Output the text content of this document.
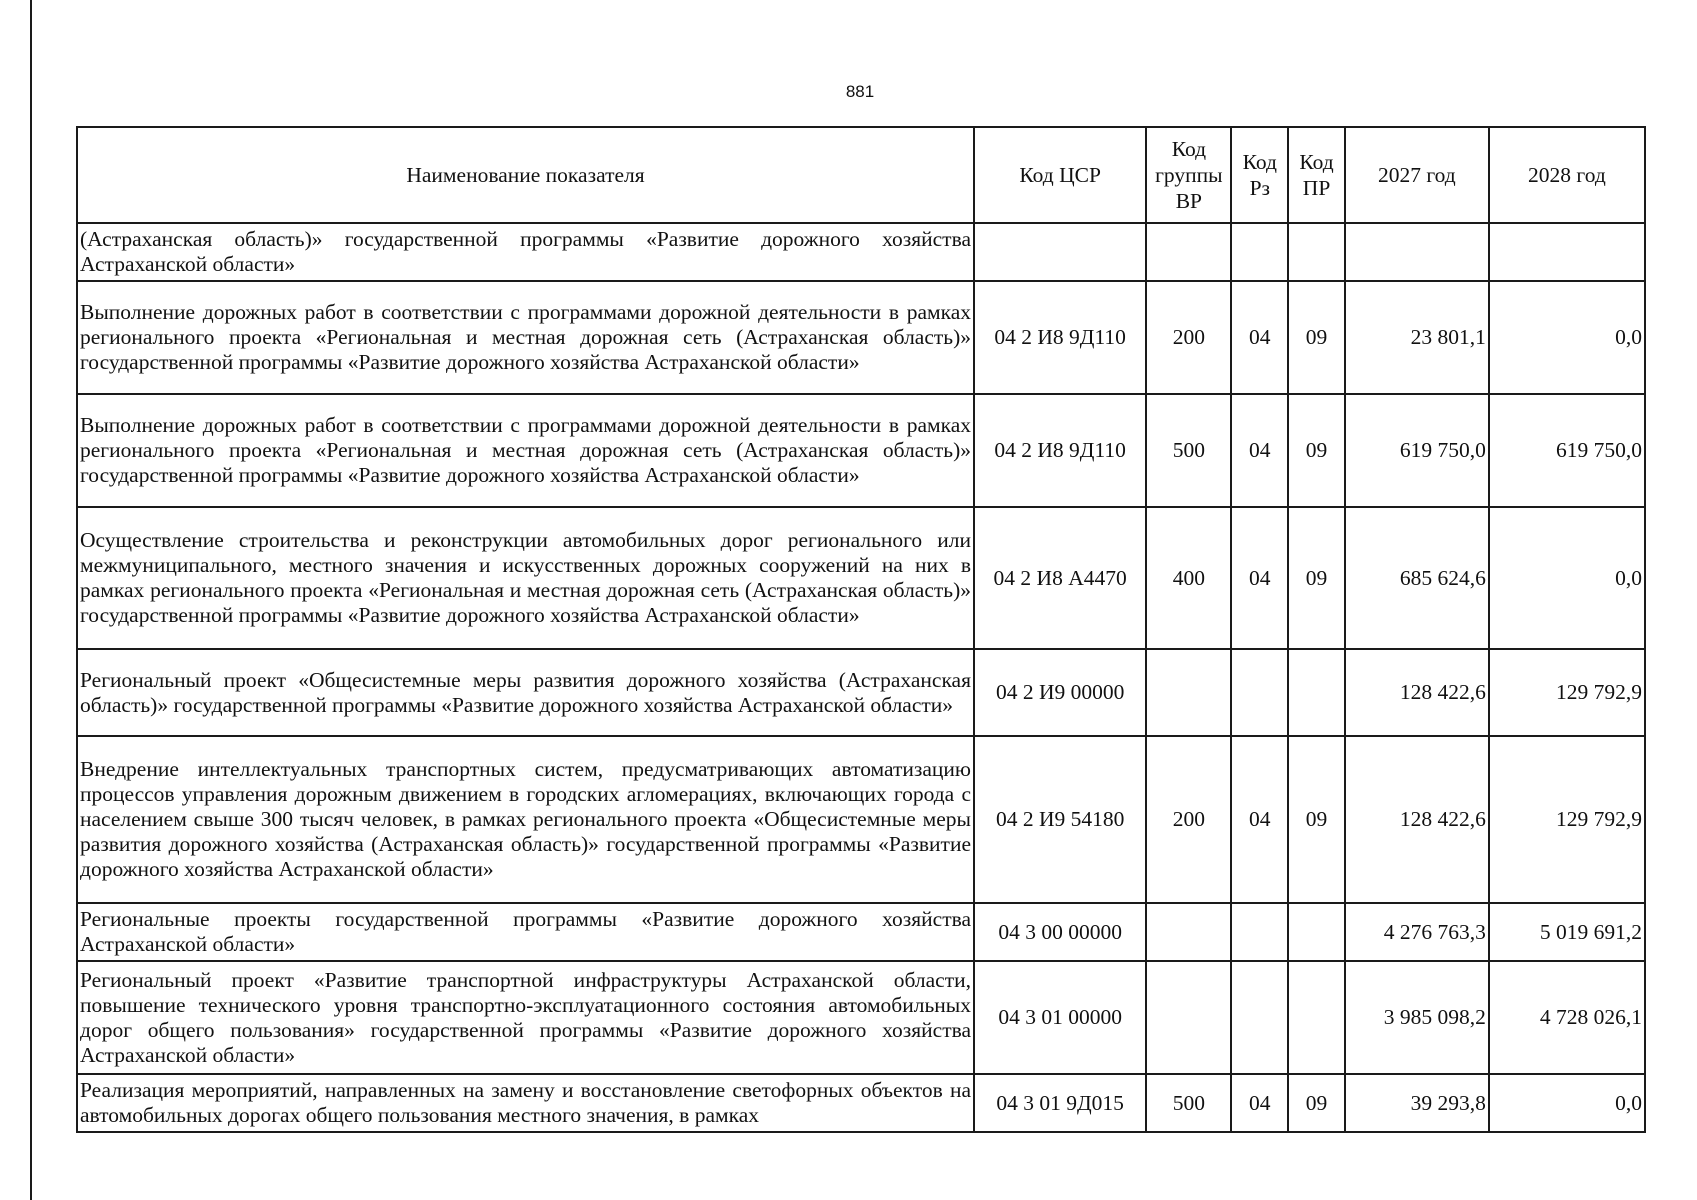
881
Наименование показателя	Код ЦСР	Код группы ВР	Код Рз	Код ПР	2027 год	2028 год
(Астраханская область)» государственной программы «Развитие дорожного хозяйства Астраханской области»						
Выполнение дорожных работ в соответствии с программами дорожной деятельности в рамках регионального проекта «Региональная и местная дорожная сеть (Астраханская область)» государственной программы «Развитие дорожного хозяйства Астраханской области»	04 2 И8 9Д110	200	04	09	23 801,1	0,0
Выполнение дорожных работ в соответствии с программами дорожной деятельности в рамках регионального проекта «Региональная и местная дорожная сеть (Астраханская область)» государственной программы «Развитие дорожного хозяйства Астраханской области»	04 2 И8 9Д110	500	04	09	619 750,0	619 750,0
Осуществление строительства и реконструкции автомобильных дорог регионального или межмуниципального, местного значения и искусственных дорожных сооружений на них в рамках регионального проекта «Региональная и местная дорожная сеть (Астраханская область)» государственной программы «Развитие дорожного хозяйства Астраханской области»	04 2 И8 А4470	400	04	09	685 624,6	0,0
Региональный проект «Общесистемные меры развития дорожного хозяйства (Астраханская область)» государственной программы «Развитие дорожного хозяйства Астраханской области»	04 2 И9 00000				128 422,6	129 792,9
Внедрение интеллектуальных транспортных систем, предусматривающих автоматизацию процессов управления дорожным движением в городских агломерациях, включающих города с населением свыше 300 тысяч человек, в рамках регионального проекта «Общесистемные меры развития дорожного хозяйства (Астраханская область)» государственной программы «Развитие дорожного хозяйства Астраханской области»	04 2 И9 54180	200	04	09	128 422,6	129 792,9
Региональные проекты государственной программы «Развитие дорожного хозяйства Астраханской области»	04 3 00 00000				4 276 763,3	5 019 691,2
Региональный проект «Развитие транспортной инфраструктуры Астраханской области, повышение технического уровня транспортно-эксплуатационного состояния автомобильных дорог общего пользования» государственной программы «Развитие дорожного хозяйства Астраханской области»	04 3 01 00000				3 985 098,2	4 728 026,1
Реализация мероприятий, направленных на замену и восстановление светофорных объектов на автомобильных дорогах общего пользования местного значения, в рамках	04 3 01 9Д015	500	04	09	39 293,8	0,0
